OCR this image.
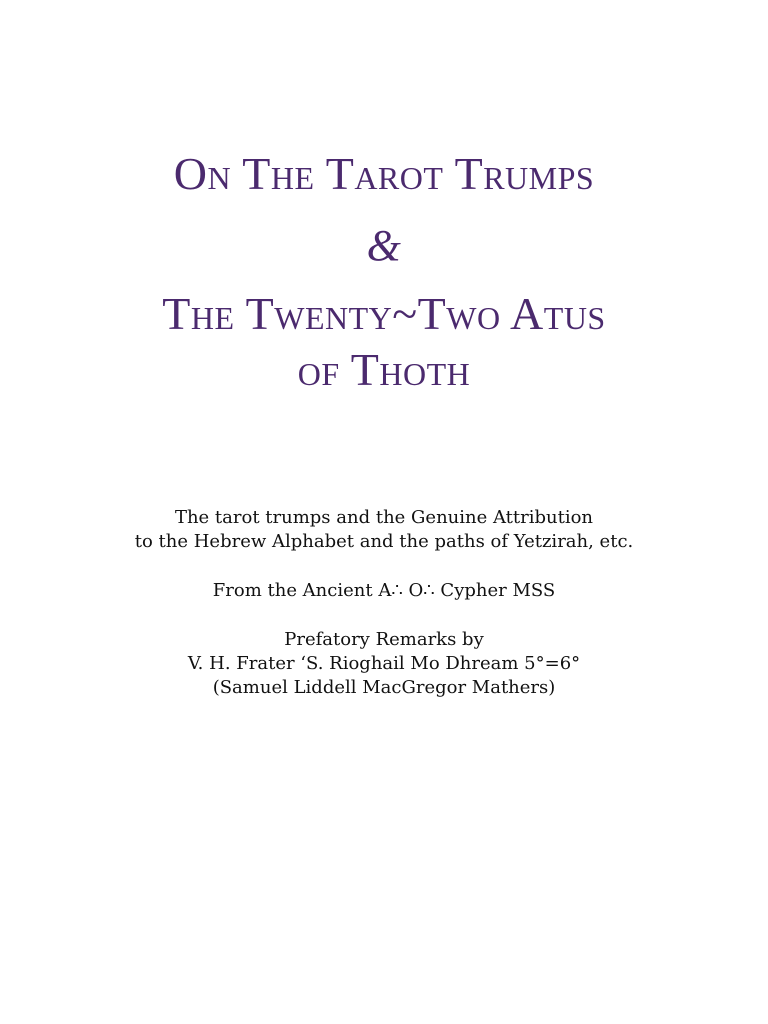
On The Tarot Trumps
&
The Twenty~Two Atus
of Thoth
The tarot trumps and the Genuine Attribution
to the Hebrew Alphabet and the paths of Yetzirah, etc.
From the Ancient A∴ O∴ Cypher MSS
Prefatory Remarks by
V. H. Frater ‘S. Rioghail Mo Dhream 5°=6°
(Samuel Liddell MacGregor Mathers)
